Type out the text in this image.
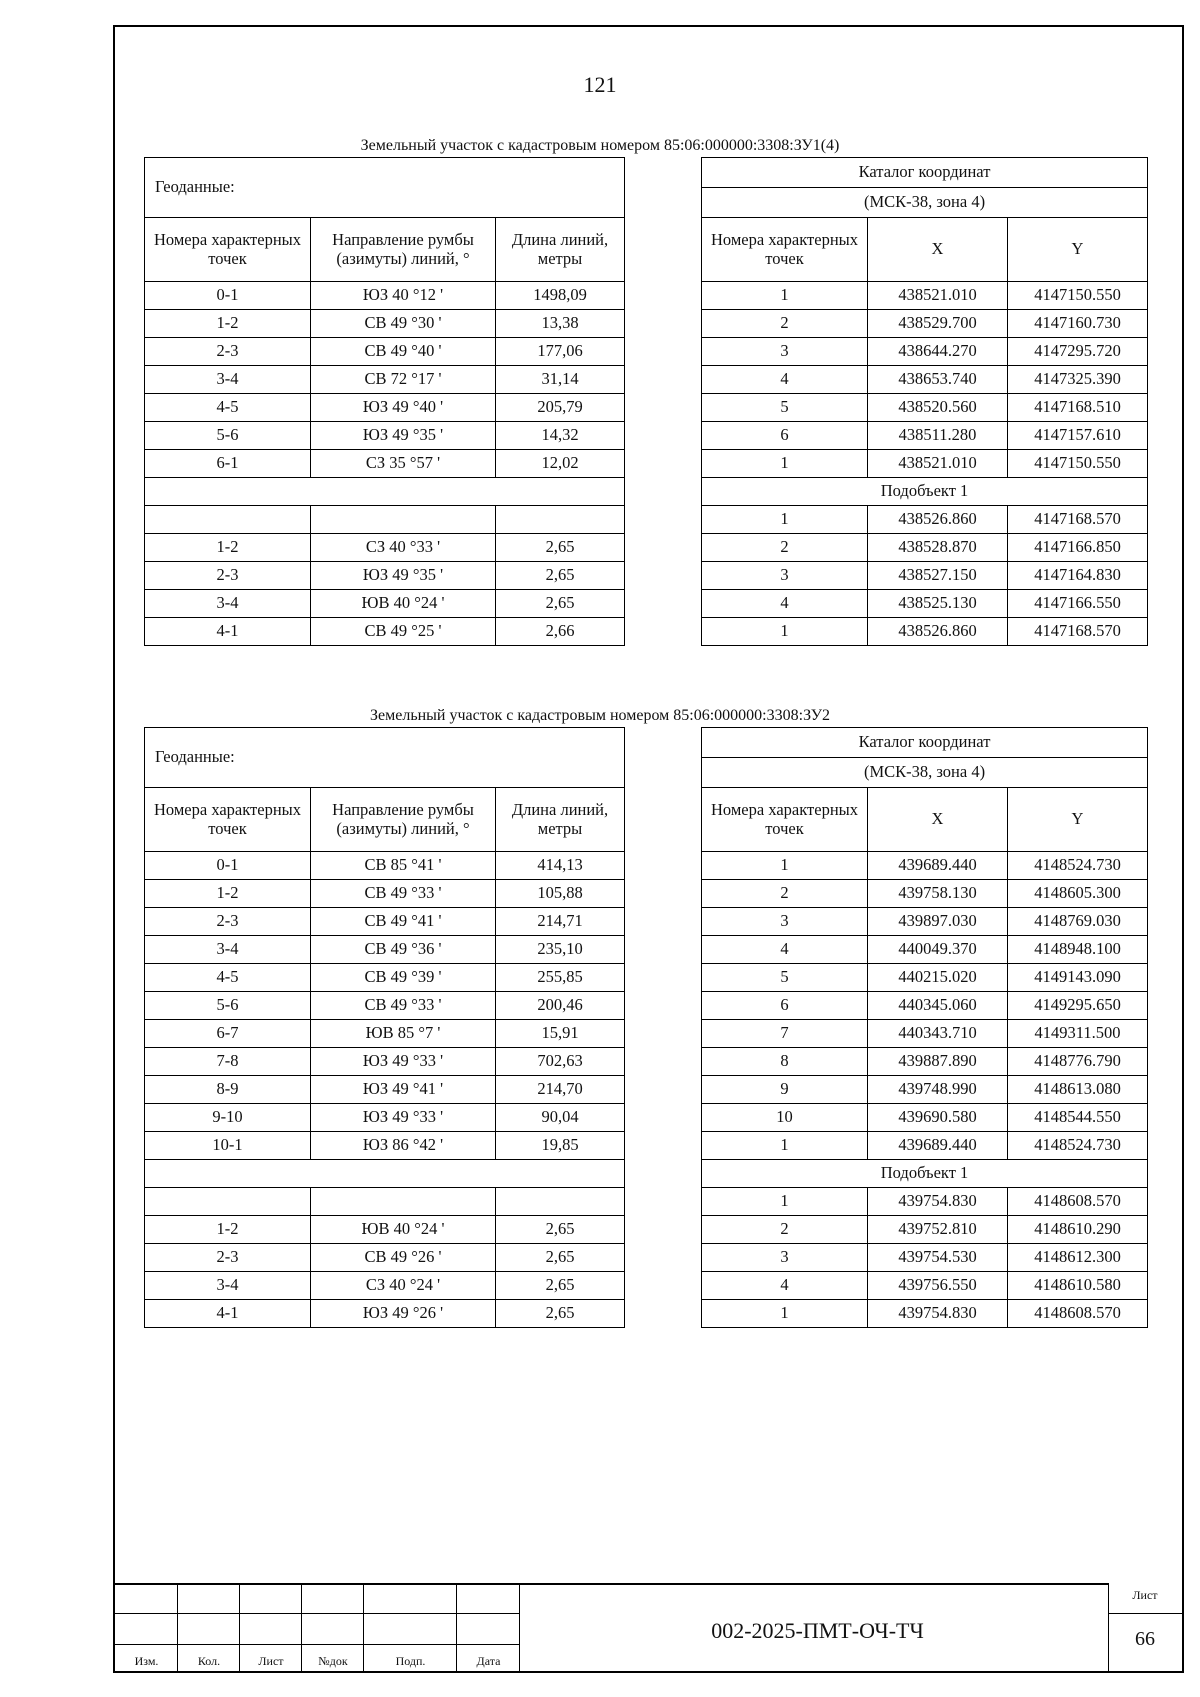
121
Земельный участок с кадастровым номером 85:06:000000:3308:ЗУ1(4)
Геоданные:		
Номера характерных точек	Направление румбы (азимуты) линий, °	Длина линий, метры
0-1	ЮЗ 40 °12 '	1498,09
1-2	СВ 49 °30 '	13,38
2-3	СВ 49 °40 '	177,06
3-4	СВ 72 °17 '	31,14
4-5	ЮЗ 49 °40 '	205,79
5-6	ЮЗ 49 °35 '	14,32
6-1	СЗ 35 °57 '	12,02

1-2	СЗ 40 °33 '	2,65
2-3	ЮЗ 49 °35 '	2,65
3-4	ЮВ 40 °24 '	2,65
4-1	СВ 49 °25 '	2,66
Каталог координат		
(МСК-38, зона 4)		
Номера характерных точек	X	Y
1	438521.010	4147150.550
2	438529.700	4147160.730
3	438644.270	4147295.720
4	438653.740	4147325.390
5	438520.560	4147168.510
6	438511.280	4147157.610
1	438521.010	4147150.550
Подобъект 1		
1	438526.860	4147168.570
2	438528.870	4147166.850
3	438527.150	4147164.830
4	438525.130	4147166.550
1	438526.860	4147168.570
Земельный участок с кадастровым номером 85:06:000000:3308:ЗУ2
Геоданные:		
Номера характерных точек	Направление румбы (азимуты) линий, °	Длина линий, метры
0-1	СВ 85 °41 '	414,13
1-2	СВ 49 °33 '	105,88
2-3	СВ 49 °41 '	214,71
3-4	СВ 49 °36 '	235,10
4-5	СВ 49 °39 '	255,85
5-6	СВ 49 °33 '	200,46
6-7	ЮВ 85 °7 '	15,91
7-8	ЮЗ 49 °33 '	702,63
8-9	ЮЗ 49 °41 '	214,70
9-10	ЮЗ 49 °33 '	90,04
10-1	ЮЗ 86 °42 '	19,85

1-2	ЮВ 40 °24 '	2,65
2-3	СВ 49 °26 '	2,65
3-4	СЗ 40 °24 '	2,65
4-1	ЮЗ 49 °26 '	2,65
Каталог координат		
(МСК-38, зона 4)		
Номера характерных точек	X	Y
1	439689.440	4148524.730
2	439758.130	4148605.300
3	439897.030	4148769.030
4	440049.370	4148948.100
5	440215.020	4149143.090
6	440345.060	4149295.650
7	440343.710	4149311.500
8	439887.890	4148776.790
9	439748.990	4148613.080
10	439690.580	4148544.550
1	439689.440	4148524.730
Подобъект 1		
1	439754.830	4148608.570
2	439752.810	4148610.290
3	439754.530	4148612.300
4	439756.550	4148610.580
1	439754.830	4148608.570
Изм.	Кол.	Лист	№док	Подп.	Дата
002-2025-ПМТ-ОЧ-ТЧ
Лист
66
